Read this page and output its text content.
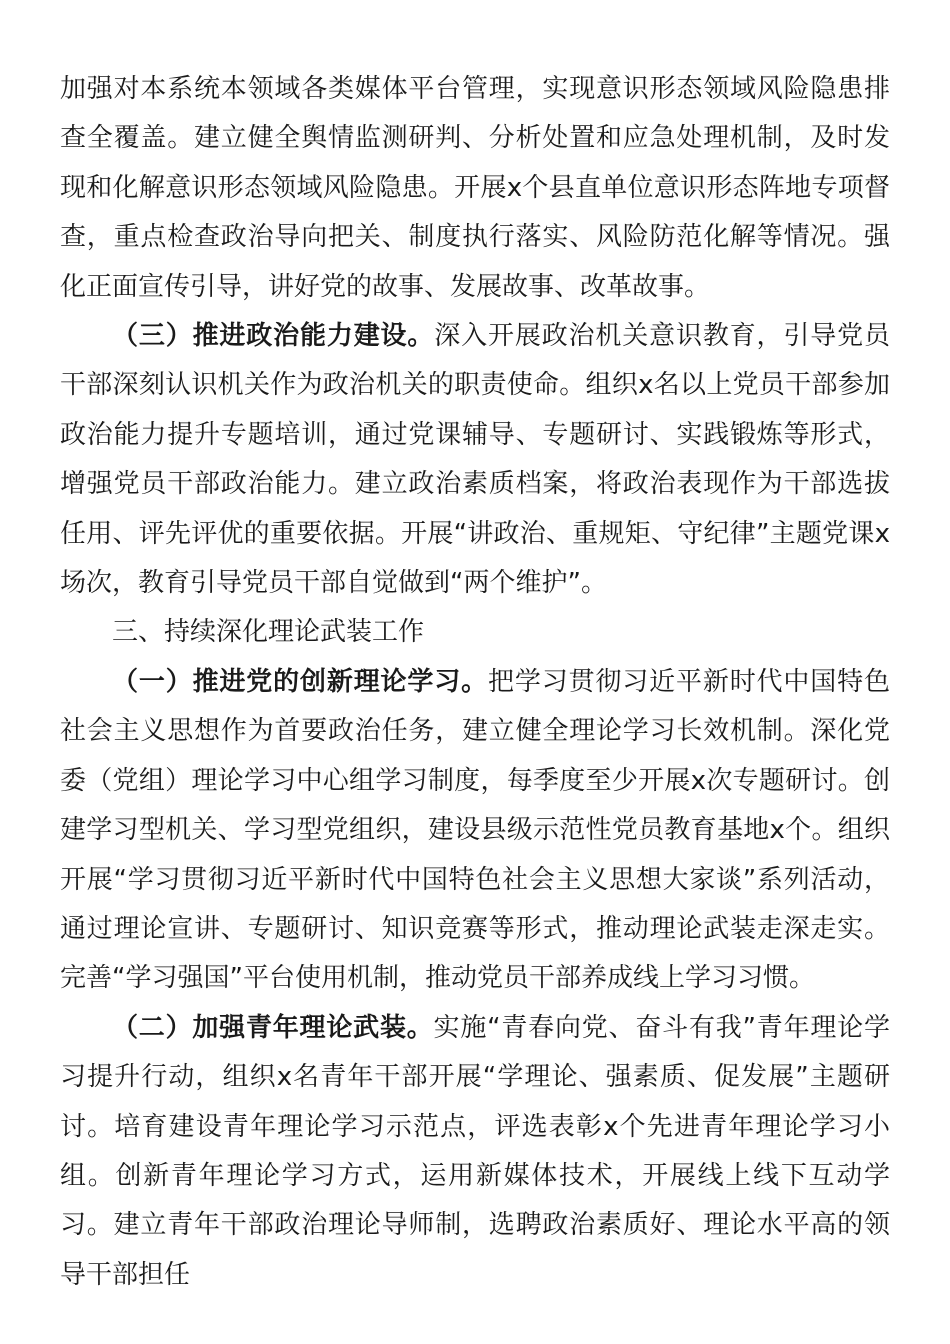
加强对本系统本领域各类媒体平台管理，实现意识形态领域风险隐患排查全覆盖。建立健全舆情监测研判、分析处置和应急处理机制，及时发现和化解意识形态领域风险隐患。开展x个县直单位意识形态阵地专项督查，重点检查政治导向把关、制度执行落实、风险防范化解等情况。强化正面宣传引导，讲好党的故事、发展故事、改革故事。

（三）推进政治能力建设。深入开展政治机关意识教育，引导党员干部深刻认识机关作为政治机关的职责使命。组织x名以上党员干部参加政治能力提升专题培训，通过党课辅导、专题研讨、实践锻炼等形式，增强党员干部政治能力。建立政治素质档案，将政治表现作为干部选拔任用、评先评优的重要依据。开展“讲政治、重规矩、守纪律”主题党课x场次，教育引导党员干部自觉做到“两个维护”。

三、持续深化理论武装工作

（一）推进党的创新理论学习。把学习贯彻习近平新时代中国特色社会主义思想作为首要政治任务，建立健全理论学习长效机制。深化党委（党组）理论学习中心组学习制度，每季度至少开展x次专题研讨。创建学习型机关、学习型党组织，建设县级示范性党员教育基地x个。组织开展“学习贯彻习近平新时代中国特色社会主义思想大家谈”系列活动，通过理论宣讲、专题研讨、知识竞赛等形式，推动理论武装走深走实。完善“学习强国”平台使用机制，推动党员干部养成线上学习习惯。

（二）加强青年理论武装。实施“青春向党、奋斗有我”青年理论学习提升行动，组织x名青年干部开展“学理论、强素质、促发展”主题研讨。培育建设青年理论学习示范点，评选表彰x个先进青年理论学习小组。创新青年理论学习方式，运用新媒体技术，开展线上线下互动学习。建立青年干部政治理论导师制，选聘政治素质好、理论水平高的领导干部担任
